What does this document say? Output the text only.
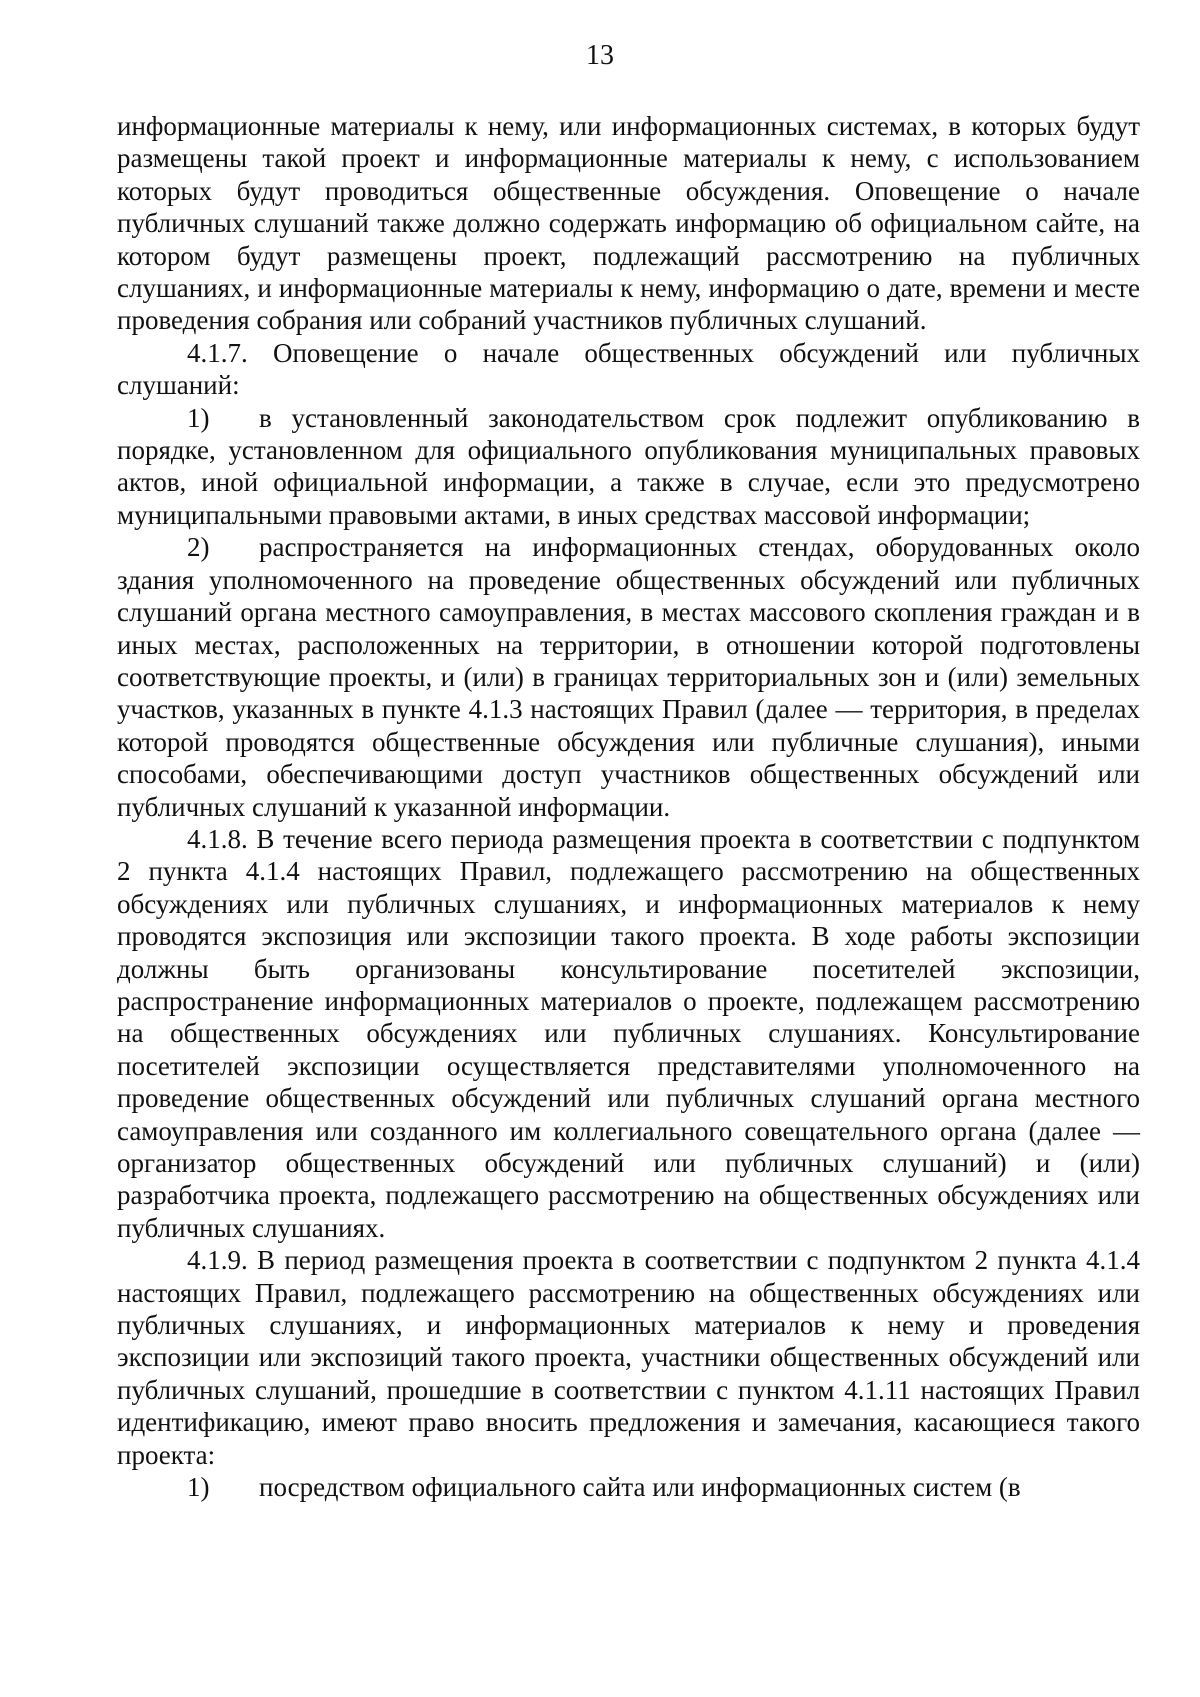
13

информационные материалы к нему, или информационных системах, в которых будут размещены такой проект и информационные материалы к нему, с использованием которых будут проводиться общественные обсуждения. Оповещение о начале публичных слушаний также должно содержать информацию об официальном сайте, на котором будут размещены проект, подлежащий рассмотрению на публичных слушаниях, и информационные материалы к нему, информацию о дате, времени и месте проведения собрания или собраний участников публичных слушаний.

4.1.7. Оповещение о начале общественных обсуждений или публичных слушаний:

1) в установленный законодательством срок подлежит опубликованию в порядке, установленном для официального опубликования муниципальных правовых актов, иной официальной информации, а также в случае, если это предусмотрено муниципальными правовыми актами, в иных средствах массовой информации;

2) распространяется на информационных стендах, оборудованных около здания уполномоченного на проведение общественных обсуждений или публичных слушаний органа местного самоуправления, в местах массового скопления граждан и в иных местах, расположенных на территории, в отношении которой подготовлены соответствующие проекты, и (или) в границах территориальных зон и (или) земельных участков, указанных в пункте 4.1.3 настоящих Правил (далее — территория, в пределах которой проводятся общественные обсуждения или публичные слушания), иными способами, обеспечивающими доступ участников общественных обсуждений или публичных слушаний к указанной информации.

4.1.8. В течение всего периода размещения проекта в соответствии с подпунктом 2 пункта 4.1.4 настоящих Правил, подлежащего рассмотрению на общественных обсуждениях или публичных слушаниях, и информационных материалов к нему проводятся экспозиция или экспозиции такого проекта. В ходе работы экспозиции должны быть организованы консультирование посетителей экспозиции, распространение информационных материалов о проекте, подлежащем рассмотрению на общественных обсуждениях или публичных слушаниях. Консультирование посетителей экспозиции осуществляется представителями уполномоченного на проведение общественных обсуждений или публичных слушаний органа местного самоуправления или созданного им коллегиального совещательного органа (далее — организатор общественных обсуждений или публичных слушаний) и (или) разработчика проекта, подлежащего рассмотрению на общественных обсуждениях или публичных слушаниях.

4.1.9. В период размещения проекта в соответствии с подпунктом 2 пункта 4.1.4 настоящих Правил, подлежащего рассмотрению на общественных обсуждениях или публичных слушаниях, и информационных материалов к нему и проведения экспозиции или экспозиций такого проекта, участники общественных обсуждений или публичных слушаний, прошедшие в соответствии с пунктом 4.1.11 настоящих Правил идентификацию, имеют право вносить предложения и замечания, касающиеся такого проекта:

1) посредством официального сайта или информационных систем (в
